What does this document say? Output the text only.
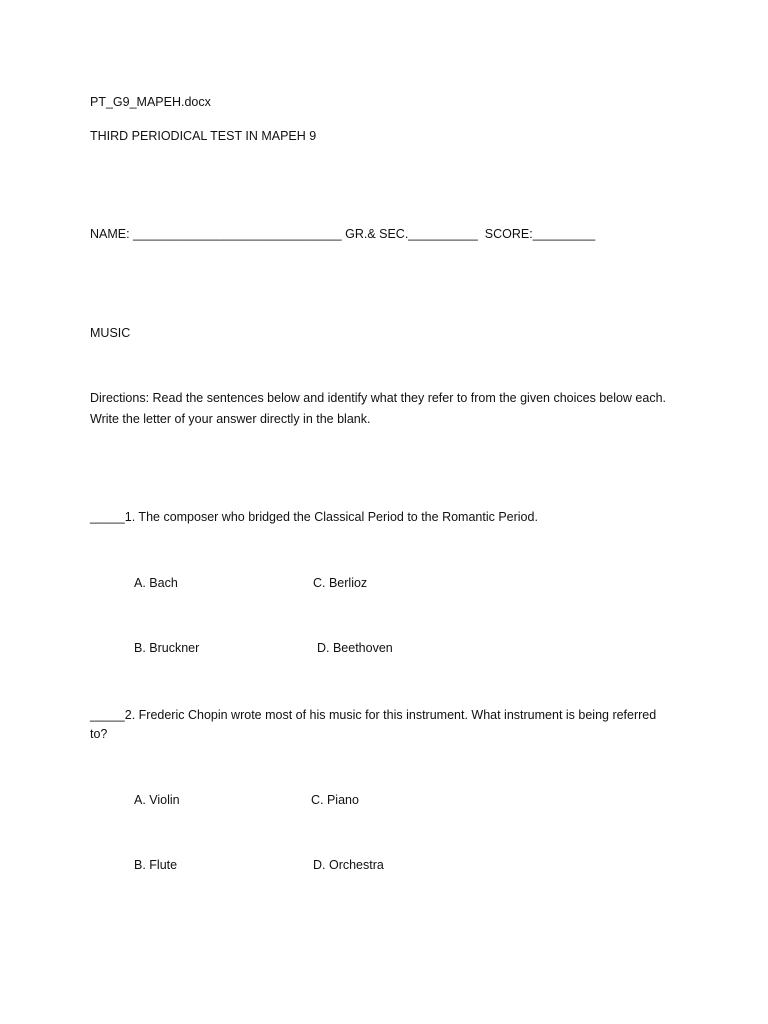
PT_G9_MAPEH.docx
THIRD PERIODICAL TEST IN MAPEH 9
NAME: ______________________________ GR.& SEC.__________  SCORE:_________
MUSIC
Directions: Read the sentences below and identify what they refer to from the given choices below each.
Write the letter of your answer directly in the blank.
_____1. The composer who bridged the Classical Period to the Romantic Period.
A. Bach	C. Berlioz
B. Bruckner	D. Beethoven
_____2. Frederic Chopin wrote most of his music for this instrument. What instrument is being referred
to?
A. Violin	C. Piano
B. Flute	D. Orchestra
